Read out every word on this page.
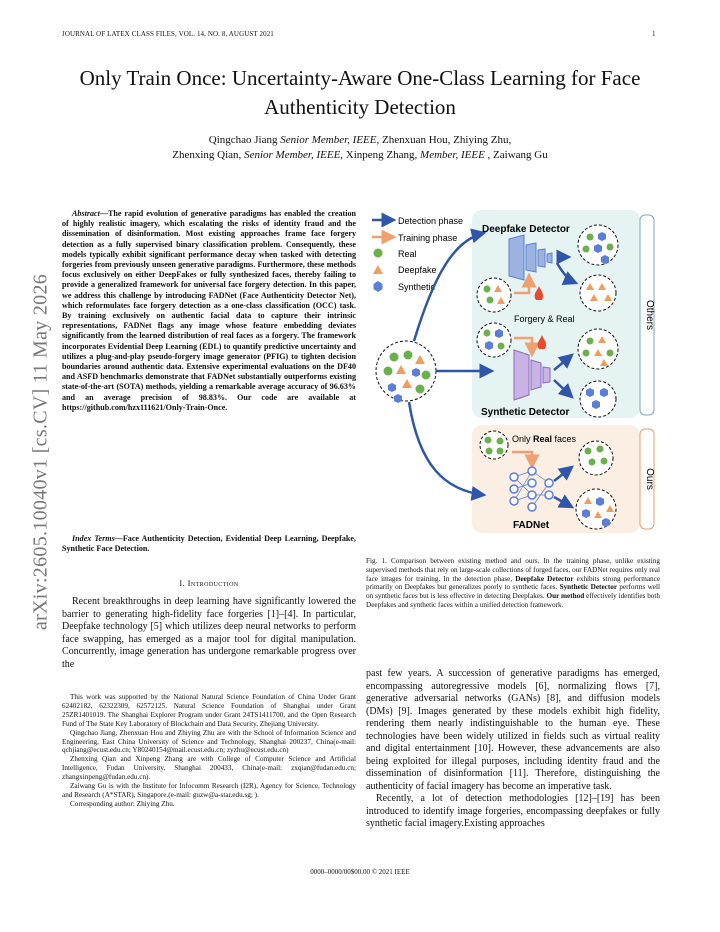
JOURNAL OF LATEX CLASS FILES, VOL. 14, NO. 8, AUGUST 2021	1
arXiv:2605.10040v1 [cs.CV] 11 May 2026
Only Train Once: Uncertainty-Aware One-Class Learning for Face
Authenticity Detection
Qingchao Jiang Senior Member, IEEE, Zhenxuan Hou, Zhiying Zhu,
Zhenxing Qian, Senior Member, IEEE, Xinpeng Zhang, Member, IEEE , Zaiwang Gu
Abstract—The rapid evolution of generative paradigms has enabled the creation of highly realistic imagery, which escalating the risks of identity fraud and the dissemination of disinformation. Most existing approaches frame face forgery detection as a fully supervised binary classification problem. Consequently, these models typically exhibit significant performance decay when tasked with detecting forgeries from previously unseen generative paradigms. Furthermore, these methods focus exclusively on either DeepFakes or fully synthesized faces, thereby failing to provide a generalized framework for universal face forgery detection. In this paper, we address this challenge by introducing FADNet (Face Authenticity Detector Net), which reformulates face forgery detection as a one-class classification (OCC) task. By training exclusively on authentic facial data to capture their intrinsic representations, FADNet flags any image whose feature embedding deviates significantly from the learned distribution of real faces as a forgery. The framework incorporates Evidential Deep Learning (EDL) to quantify predictive uncertainty and utilizes a plug-and-play pseudo-forgery image generator (PFIG) to tighten decision boundaries around authentic data. Extensive experimental evaluations on the DF40 and ASFD benchmarks demonstrate that FADNet substantially outperforms existing state-of-the-art (SOTA) methods, yielding a remarkable average accuracy of 96.63% and an average precision of 98.83%. Our code are available at https://github.com/hzx111621/Only-Train-Once.
Index Terms—Face Authenticity Detection, Evidential Deep Learning, Deepfake, Synthetic Face Detection.
I. Introduction

Recent breakthroughs in deep learning have significantly lowered the barrier to generating high-fidelity face forgeries [1]–[4]. In particular, Deepfake technology [5] which utilizes deep neural networks to perform face swapping, has emerged as a major tool for digital manipulation. Concurrently, image generation has undergone remarkable progress over the

This work was supported by the National Natural Science Foundation of China Under Grant 62402182, 62322309, 62572125. Natural Science Foundation of Shanghai under Grant 25ZR1401019. The Shanghai Explorer Program under Grant 24TS1411700, and the Open Research Fund of The State Key Laboratory of Blockchain and Data Security, Zhejiang University.

Qingchao Jiang, Zhenxuan Hou and Zhiying Zhu are with the School of Information Science and Engineering, East China University of Science and Technology, Shanghai 200237, China(e-mail: qchjiang@ecust.edu.cn; Y80240154@mail.ecust.edu.cn; zyzhu@ecust.edu.cn)

Zhenxing Qian and Xinpeng Zhang are with College of Computer Science and Artificial Intelligence, Fudan University, Shanghai 200433, China(e-mail: zxqian@fudan.edu.cn; zhangxinpeng@fudan.edu.cn).

Zaiwang Gu is with the Institute for Infocomm Research (I2R), Agency for Science, Technology and Research (A*STAR), Singapore.(e-mail: guzw@a-star.edu.sg; ).

Corresponding author: Zhiying Zhu.

Others
Ours
Detection phase
Training phase
Real
Deepfake
Synthetic
Deepfake Detector
Forgery & Real
Synthetic Detector
Only Real faces
FADNet
Fig. 1. Comparison between existing method and ours. In the training phase, unlike existing supervised methods that rely on large-scale collections of forged faces, our FADNet requires only real face images for training. In the detection phase, Deepfake Detector exhibits strong performance primarily on Deepfakes but generalizes poorly to synthetic faces. Synthetic Detector performs well on synthetic faces but is less effective in detecting Deepfakes. Our method effectively identifies both Deepfakes and synthetic faces within a unified detection framework.

past few years. A succession of generative paradigms has emerged, encompassing autoregressive models [6], normalizing flows [7], generative adversarial networks (GANs) [8], and diffusion models (DMs) [9]. Images generated by these models exhibit high fidelity, rendering them nearly indistinguishable to the human eye. These technologies have been widely utilized in fields such as virtual reality and digital entertainment [10]. However, these advancements are also being exploited for illegal purposes, including identity fraud and the dissemination of disinformation [11]. Therefore, distinguishing the authenticity of facial imagery has become an imperative task.

Recently, a lot of detection methodologies [12]–[19] has been introduced to identify image forgeries, encompassing deepfakes or fully synthetic facial imagery.Existing approaches

0000–0000/00$00.00 © 2021 IEEE
